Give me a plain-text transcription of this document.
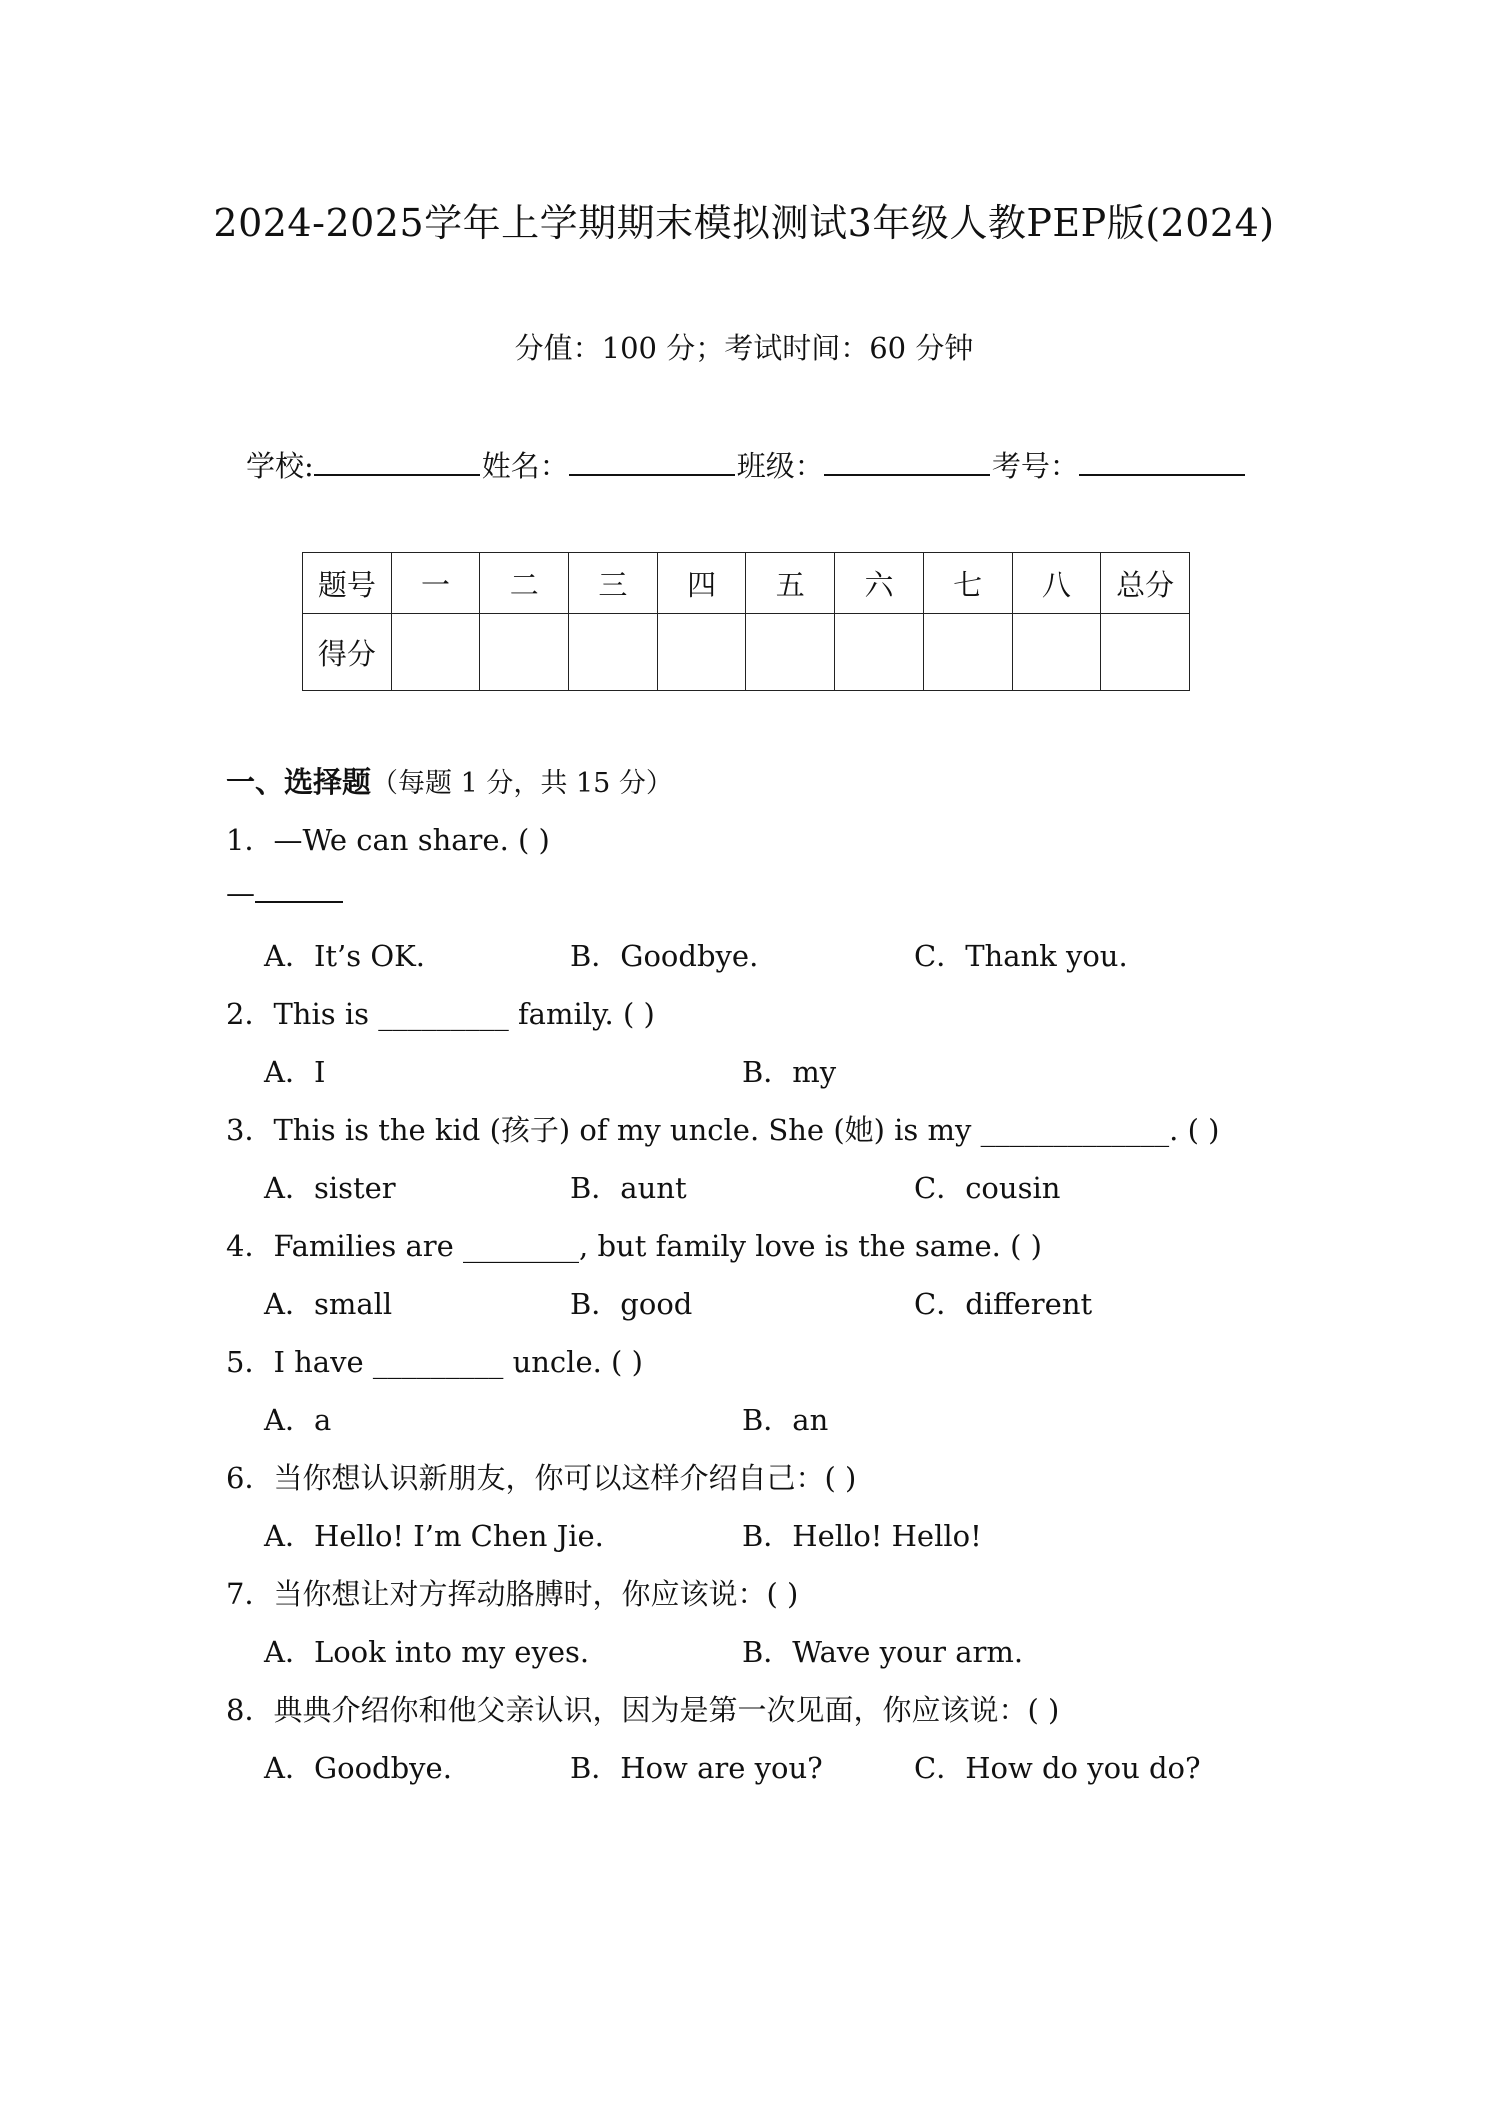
2024-2025学年上学期期末模拟测试3年级人教PEP版(2024)
分值：100 分；考试时间：60 分钟
学校:	姓名：	班级：	考号：
题号	一	二	三	四	五	六	七	八	总分
得分									
一、选择题（每题 1 分，共 15 分）
1．—We can share. ( )
—
A．It’s OK.	B．Goodbye.	C．Thank you.
2．This is _________ family. ( )
A．I	B．my
3．This is the kid (孩子) of my uncle. She (她) is my _____________. ( )
A．sister	B．aunt	C．cousin
4．Families are ________, but family love is the same. ( )
A．small	B．good	C．different
5．I have _________ uncle. ( )
A．a	B．an
6．当你想认识新朋友，你可以这样介绍自己：( )
A．Hello! I’m Chen Jie.	B．Hello! Hello!
7．当你想让对方挥动胳膊时，你应该说：( )
A．Look into my eyes.	B．Wave your arm.
8．典典介绍你和他父亲认识，因为是第一次见面，你应该说：( )
A．Goodbye.	B．How are you?	C．How do you do?
